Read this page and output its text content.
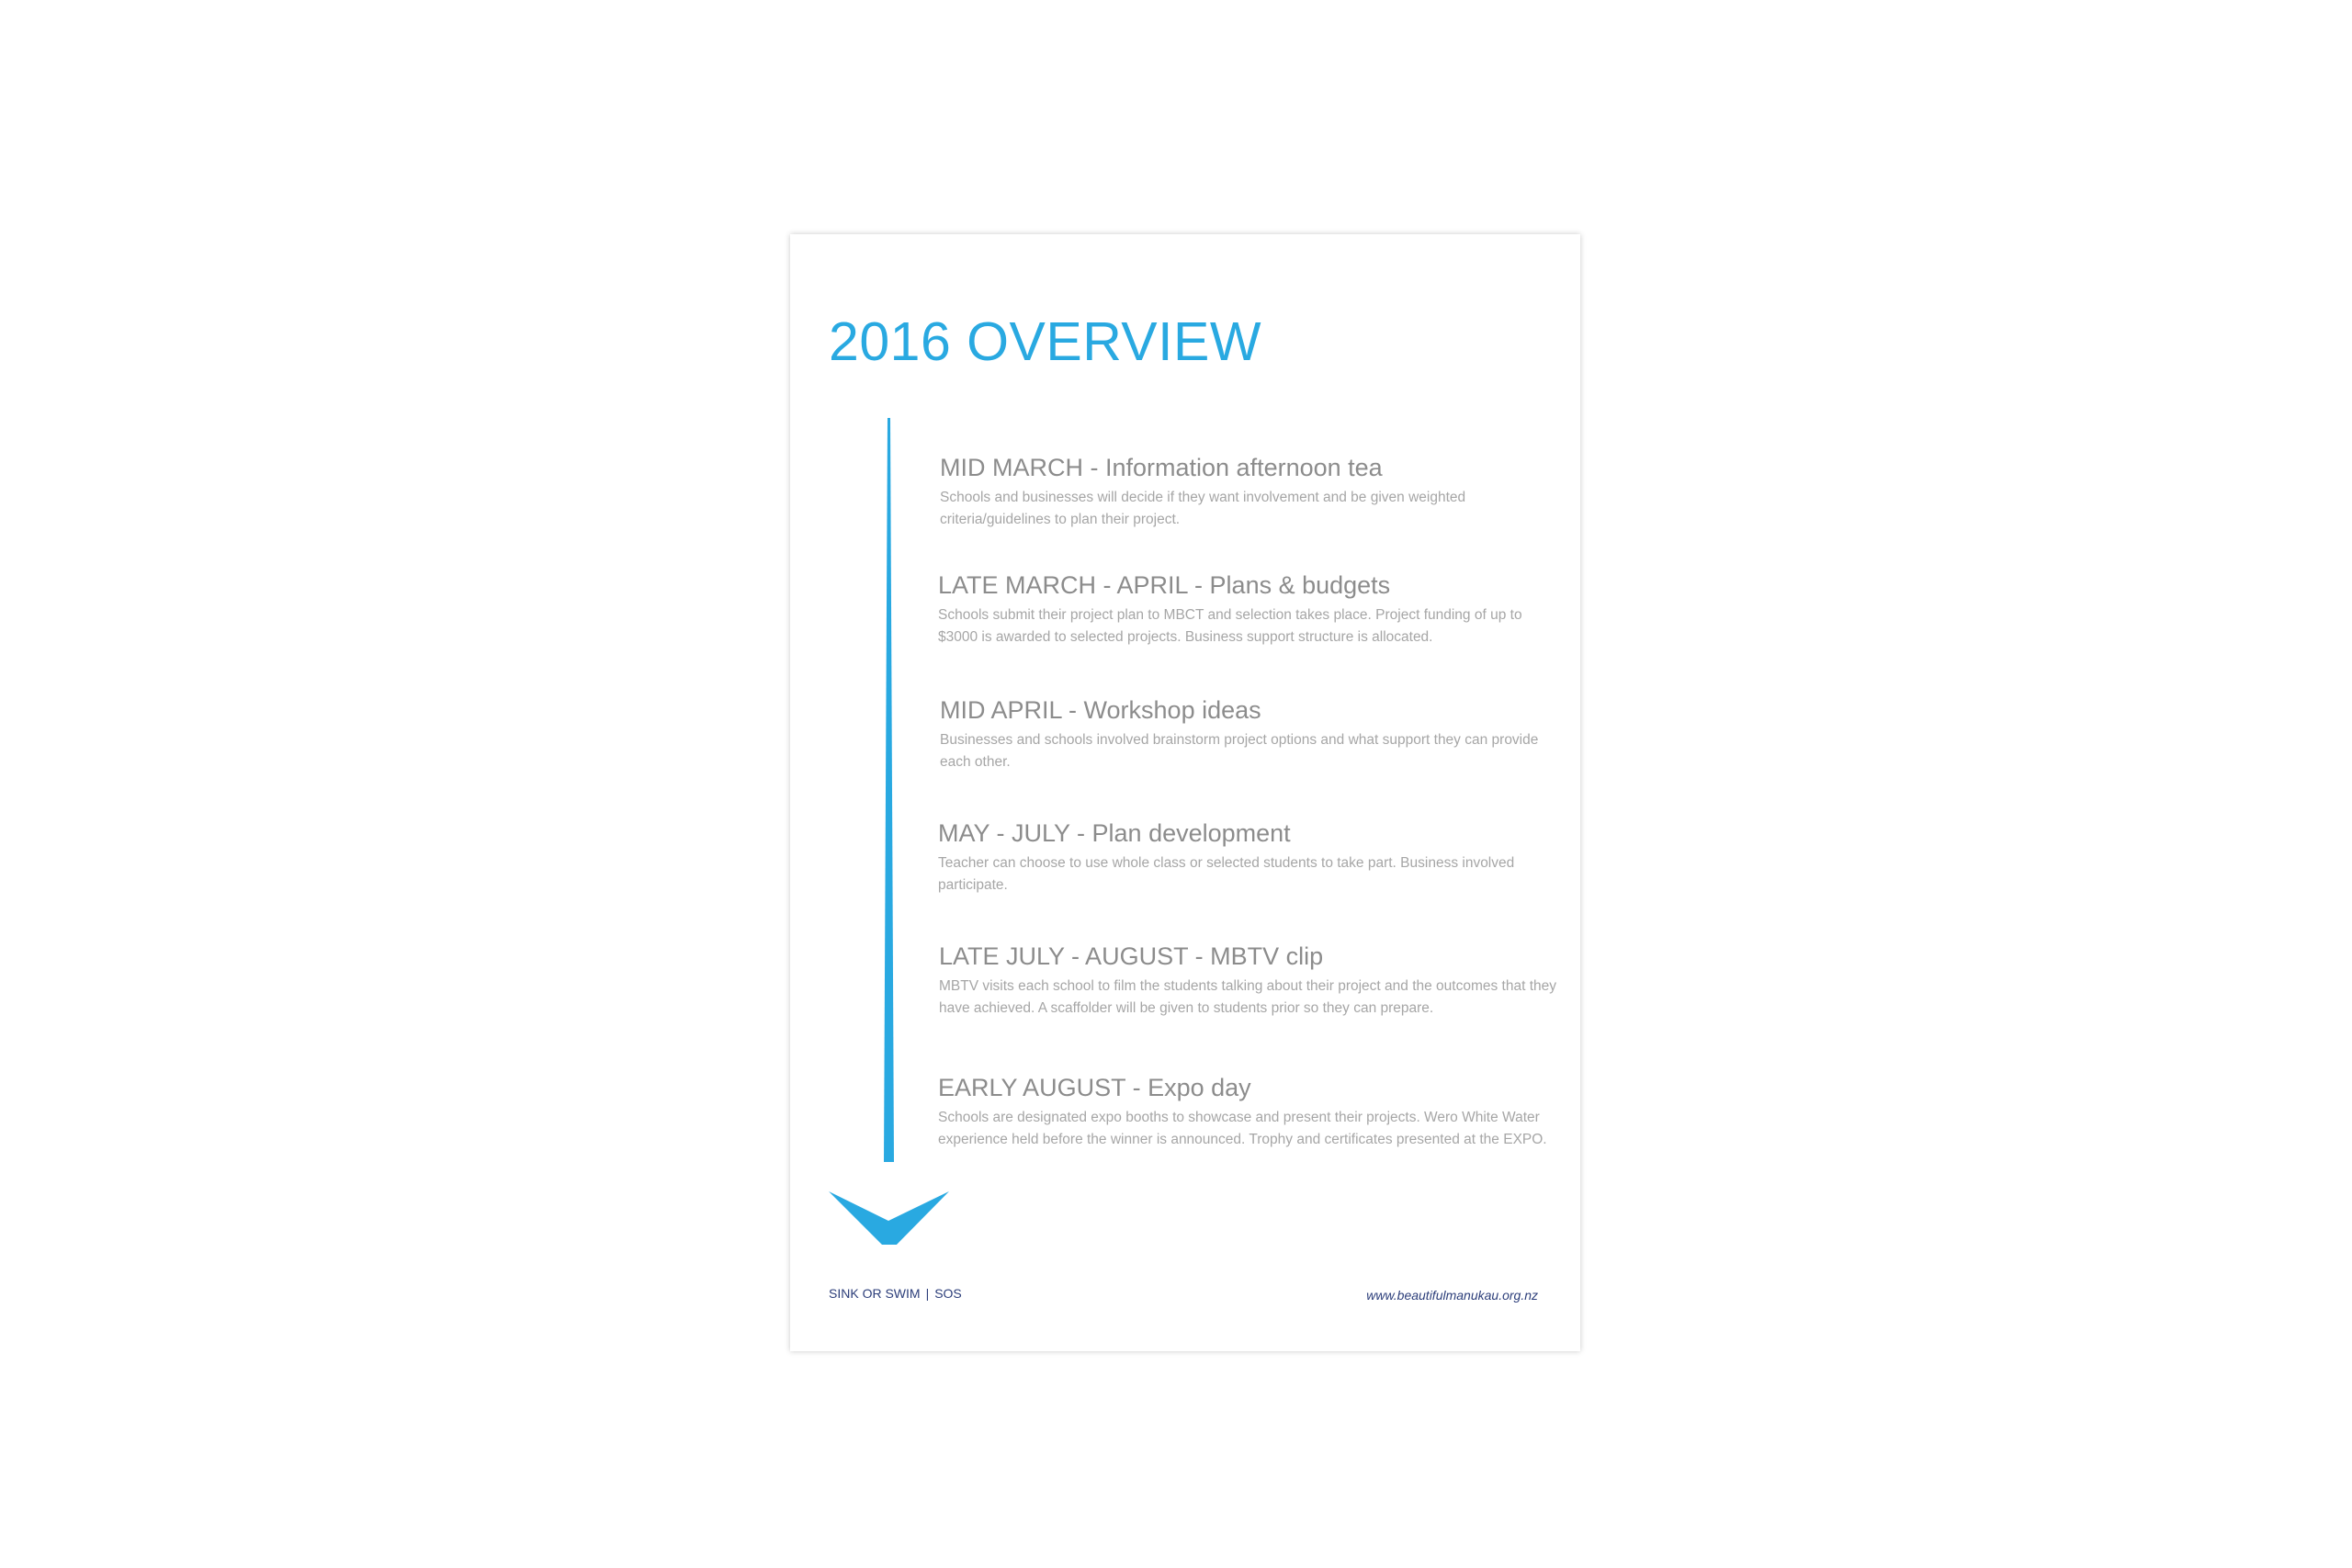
2016 OVERVIEW
MID MARCH - Information afternoon tea
Schools and businesses will decide if they want involvement and be given weighted criteria/guidelines to plan their project.
LATE MARCH - APRIL - Plans & budgets
Schools submit their project plan to MBCT and selection takes place. Project funding of up to $3000 is awarded to selected projects. Business support structure is allocated.
MID APRIL - Workshop ideas
Businesses and schools involved brainstorm project options and what support they can provide each other.
MAY - JULY - Plan development
Teacher can choose to use whole class or selected students to take part. Business involved participate.
LATE JULY - AUGUST - MBTV clip
MBTV visits each school to film the students talking about their project and the outcomes that they have achieved. A scaffolder will be given to students prior so they can prepare.
EARLY AUGUST - Expo day
Schools are designated expo booths to showcase and present their projects. Wero White Water experience held before the winner is announced. Trophy and certificates presented at the EXPO.
SINK OR SWIM | SOS	www.beautifulmanukau.org.nz
